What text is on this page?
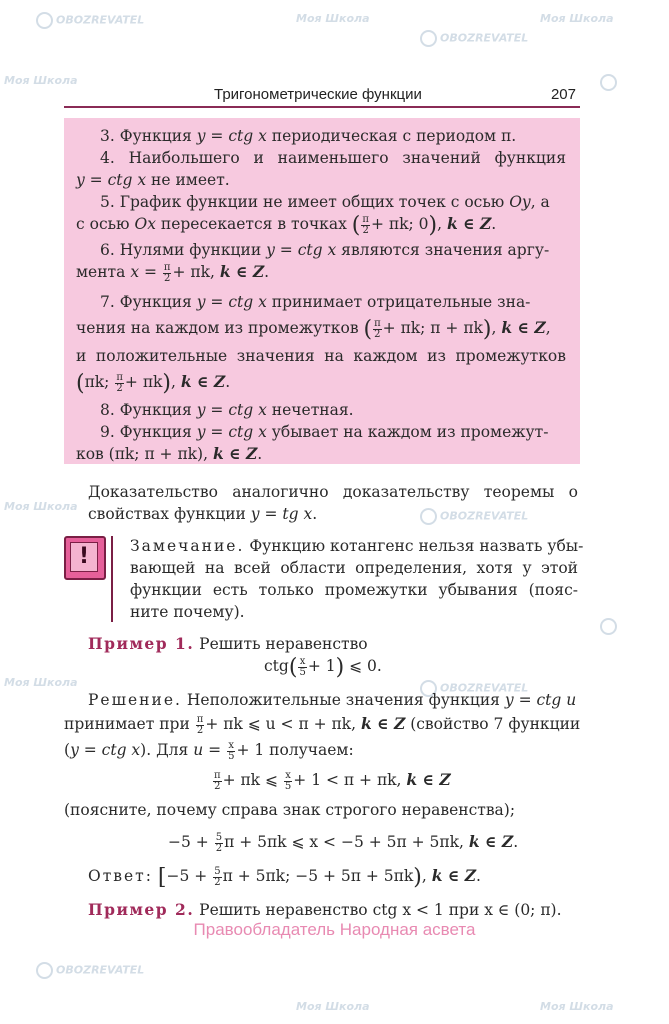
OBOZREVATEL	Моя Школа
OBOZREVATEL
Моя Школа
Моя Школа
Моя Школа
OBOZREVATEL
Моя Школа	OBOZREVATEL
OBOZREVATEL
Моя Школа	Моя Школа
Тригонометрические функции	207
3. Функция y = ctg x периодическая с периодом π.
4. Наибольшего и наименьшего значений функция
y = ctg x не имеет.
5. График функции не имеет общих точек с осью Oy, а
с осью Ox пересекается в точках ( $\frac{\pi}{2} + \pi k$; 0), k ∈ Z.
6. Нулями функции y = ctg x являются значения аргу-
мента $x = \frac{\pi}{2} + \pi k$, k ∈ Z.
7. Функция y = ctg x принимает отрицательные зна-
чения на каждом из промежутков ( $\frac{\pi}{2} + \pi k$; π + πk), k ∈ Z,
и положительные значения на каждом из промежутков
(πk; $\frac{\pi}{2} + \pi k$), k ∈ Z.
8. Функция y = ctg x нечетная.
9. Функция y = ctg x убывает на каждом из промежут-
ков (πk; π + πk), k ∈ Z.
Доказательство аналогично доказательству теоремы о
свойствах функции y = tg x.
!	Замечание. Функцию котангенс нельзя назвать убы-
вающей на всей области определения, хотя у этой
функции есть только промежутки убывания (пояс-
ните почему).
Пример 1. Решить неравенство
$ctg( \frac{x}{5} + 1)$ ⩽ 0.
Решение. Неположительные значения функция y = ctg u
принимает при $\frac{\pi}{2} + \pi k$ ⩽ u < π + πk, k ∈ Z (свойство 7 функции
(y = ctg x). Для $u = \frac{x}{5} + 1$ получаем:
$\frac{\pi}{2} + \pi k$ ⩽ $\frac{x}{5} + 1 < \pi + \pi k$, k ∈ Z
(поясните, почему справа знак строгого неравенства);
$-5 + \frac{5}{2}$ π + 5πk ⩽ x < −5 + 5π + 5πk, k ∈ Z.
Ответ: [$-5 + \frac{5}{2}$ π + 5πk; −5 + 5π + 5πk), k ∈ Z.
Пример 2. Решить неравенство ctg x < 1 при x ∈ (0; π).
Правообладатель Народная асвета
